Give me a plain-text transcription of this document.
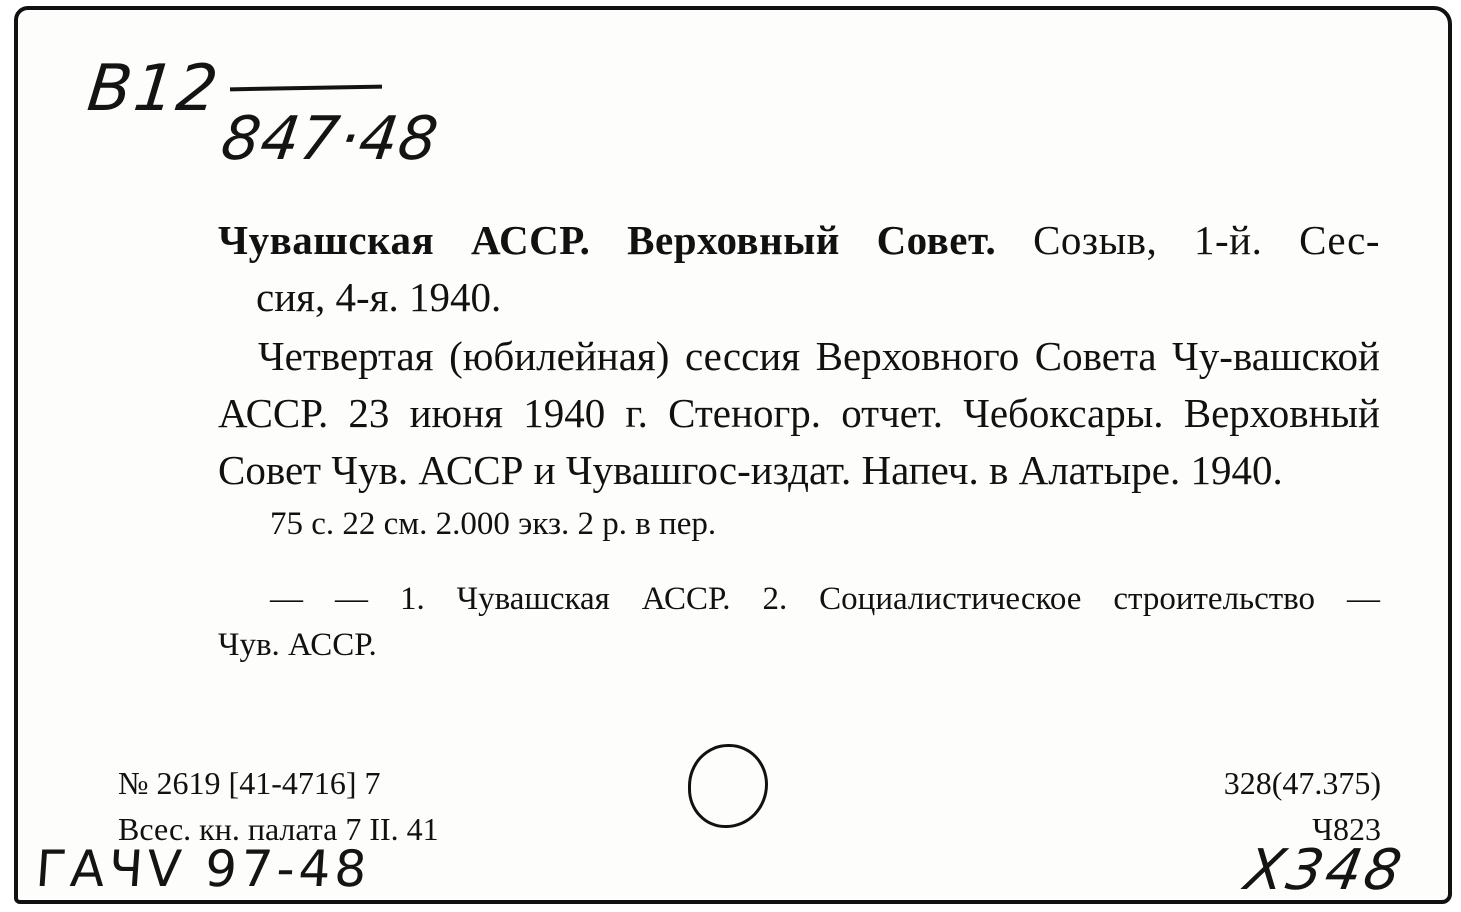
B12
847·48
Чувашская АССР. Верховный Совет. Созыв, 1-й. Сес-
сия, 4-я. 1940.
Четвертая (юбилейная) сессия Верховного Совета Чу-вашской АССР. 23 июня 1940 г. Стеногр. отчет. Чебоксары. Верховный Совет Чув. АССР и Чувашгос-издат. Напеч. в Алатыре. 1940.
75 с. 22 см. 2.000 экз. 2 р. в пер.
— — 1. Чувашская АССР. 2. Социалистическое строительство —
Чув. АССР.
№ 2619 [41-4716] 7
Всес. кн. палата 7 II. 41
328(47.375)
Ч823
ГАЧV 97-48	Х348
